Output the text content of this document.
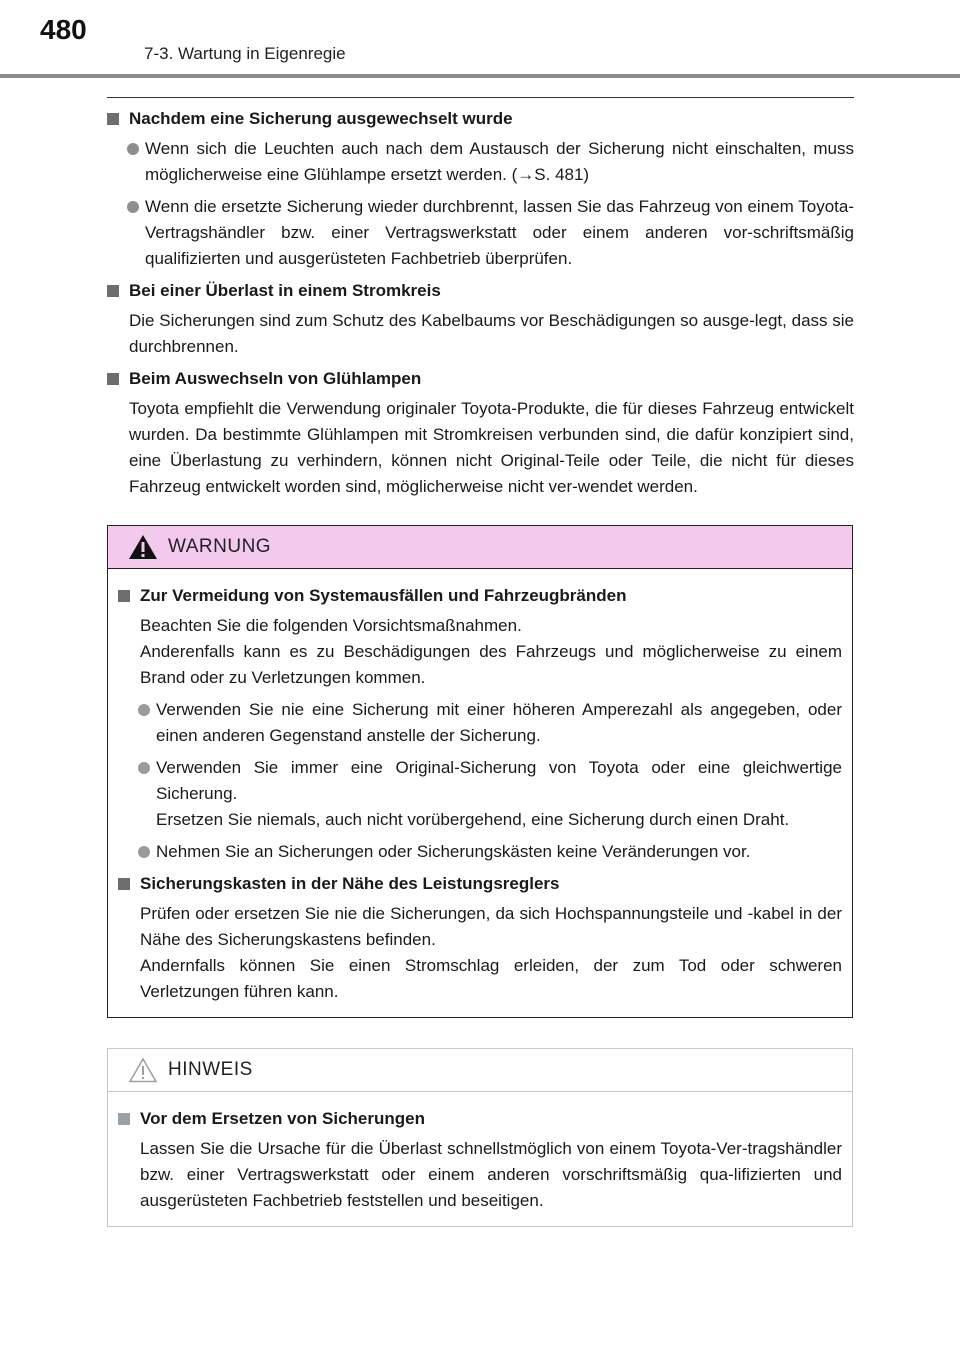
480
7-3. Wartung in Eigenregie
Nachdem eine Sicherung ausgewechselt wurde
Wenn sich die Leuchten auch nach dem Austausch der Sicherung nicht einschalten, muss möglicherweise eine Glühlampe ersetzt werden. (→S. 481)
Wenn die ersetzte Sicherung wieder durchbrennt, lassen Sie das Fahrzeug von einem Toyota-Vertragshändler bzw. einer Vertragswerkstatt oder einem anderen vor-schriftsmäßig qualifizierten und ausgerüsteten Fachbetrieb überprüfen.
Bei einer Überlast in einem Stromkreis

Die Sicherungen sind zum Schutz des Kabelbaums vor Beschädigungen so ausge-legt, dass sie durchbrennen.

Beim Auswechseln von Glühlampen

Toyota empfiehlt die Verwendung originaler Toyota-Produkte, die für dieses Fahrzeug entwickelt wurden. Da bestimmte Glühlampen mit Stromkreisen verbunden sind, die dafür konzipiert sind, eine Überlastung zu verhindern, können nicht Original-Teile oder Teile, die nicht für dieses Fahrzeug entwickelt worden sind, möglicherweise nicht ver-wendet werden.

WARNUNG
Zur Vermeidung von Systemausfällen und Fahrzeugbränden

Beachten Sie die folgenden Vorsichtsmaßnahmen.

Anderenfalls kann es zu Beschädigungen des Fahrzeugs und möglicherweise zu einem Brand oder zu Verletzungen kommen.

Verwenden Sie nie eine Sicherung mit einer höheren Amperezahl als angegeben, oder einen anderen Gegenstand anstelle der Sicherung.
Verwenden Sie immer eine Original-Sicherung von Toyota oder eine gleichwertige Sicherung.
Ersetzen Sie niemals, auch nicht vorübergehend, eine Sicherung durch einen Draht.
Nehmen Sie an Sicherungen oder Sicherungskästen keine Veränderungen vor.
Sicherungskasten in der Nähe des Leistungsreglers

Prüfen oder ersetzen Sie nie die Sicherungen, da sich Hochspannungsteile und -kabel in der Nähe des Sicherungskastens befinden.

Andernfalls können Sie einen Stromschlag erleiden, der zum Tod oder schweren Verletzungen führen kann.

HINWEIS
Vor dem Ersetzen von Sicherungen

Lassen Sie die Ursache für die Überlast schnellstmöglich von einem Toyota-Ver-tragshändler bzw. einer Vertragswerkstatt oder einem anderen vorschriftsmäßig qua-lifizierten und ausgerüsteten Fachbetrieb feststellen und beseitigen.
